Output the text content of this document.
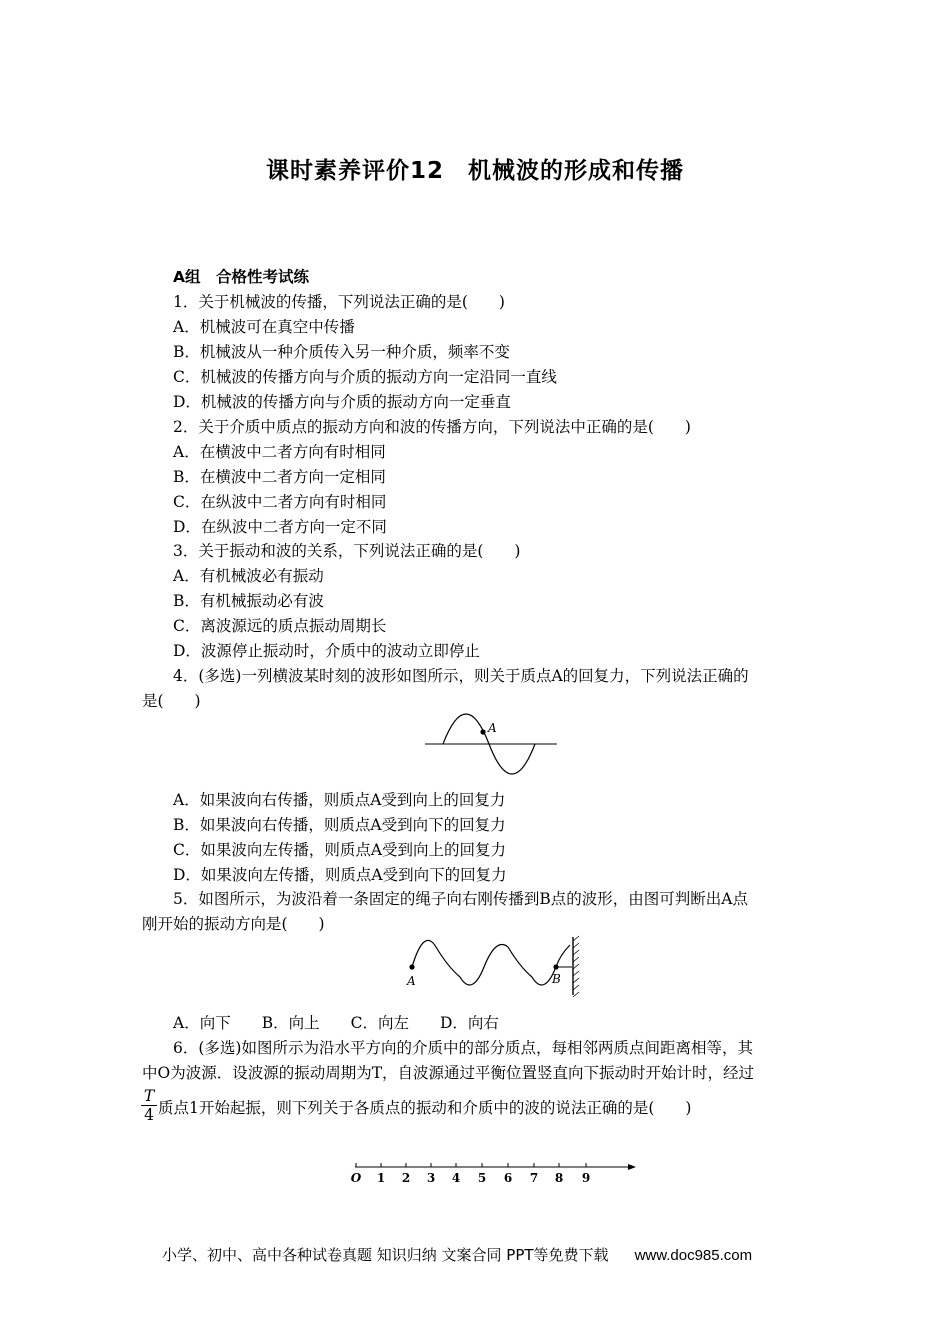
课时素养评价12　机械波的形成和传播
A组　合格性考试练
1．关于机械波的传播，下列说法正确的是(　　)
A．机械波可在真空中传播
B．机械波从一种介质传入另一种介质，频率不变
C．机械波的传播方向与介质的振动方向一定沿同一直线
D．机械波的传播方向与介质的振动方向一定垂直
2．关于介质中质点的振动方向和波的传播方向，下列说法中正确的是(　　)
A．在横波中二者方向有时相同
B．在横波中二者方向一定相同
C．在纵波中二者方向有时相同
D．在纵波中二者方向一定不同
3．关于振动和波的关系，下列说法正确的是(　　)
A．有机械波必有振动
B．有机械振动必有波
C．离波源远的质点振动周期长
D．波源停止振动时，介质中的波动立即停止
4．(多选)一列横波某时刻的波形如图所示，则关于质点A的回复力，下列说法正确的
是(　　)
A
A．如果波向右传播，则质点A受到向上的回复力
B．如果波向右传播，则质点A受到向下的回复力
C．如果波向左传播，则质点A受到向上的回复力
D．如果波向左传播，则质点A受到向下的回复力
5．如图所示，为波沿着一条固定的绳子向右刚传播到B点的波形，由图可判断出A点
刚开始的振动方向是(　　)
A	B
A．向下　　B．向上　　C．向左　　D．向右
6．(多选)如图所示为沿水平方向的介质中的部分质点，每相邻两质点间距离相等，其
中O为波源．设波源的振动周期为T，自波源通过平衡位置竖直向下振动时开始计时，经过
$\frac{T}{4}$ 质点1开始起振，则下列关于各质点的振动和介质中的波的说法正确的是(　　)
O 1 2 3 4 5 6 7 8 9
小学、初中、高中各种试卷真题 知识归纳 文案合同 PPT等免费下载 www.doc985.com
